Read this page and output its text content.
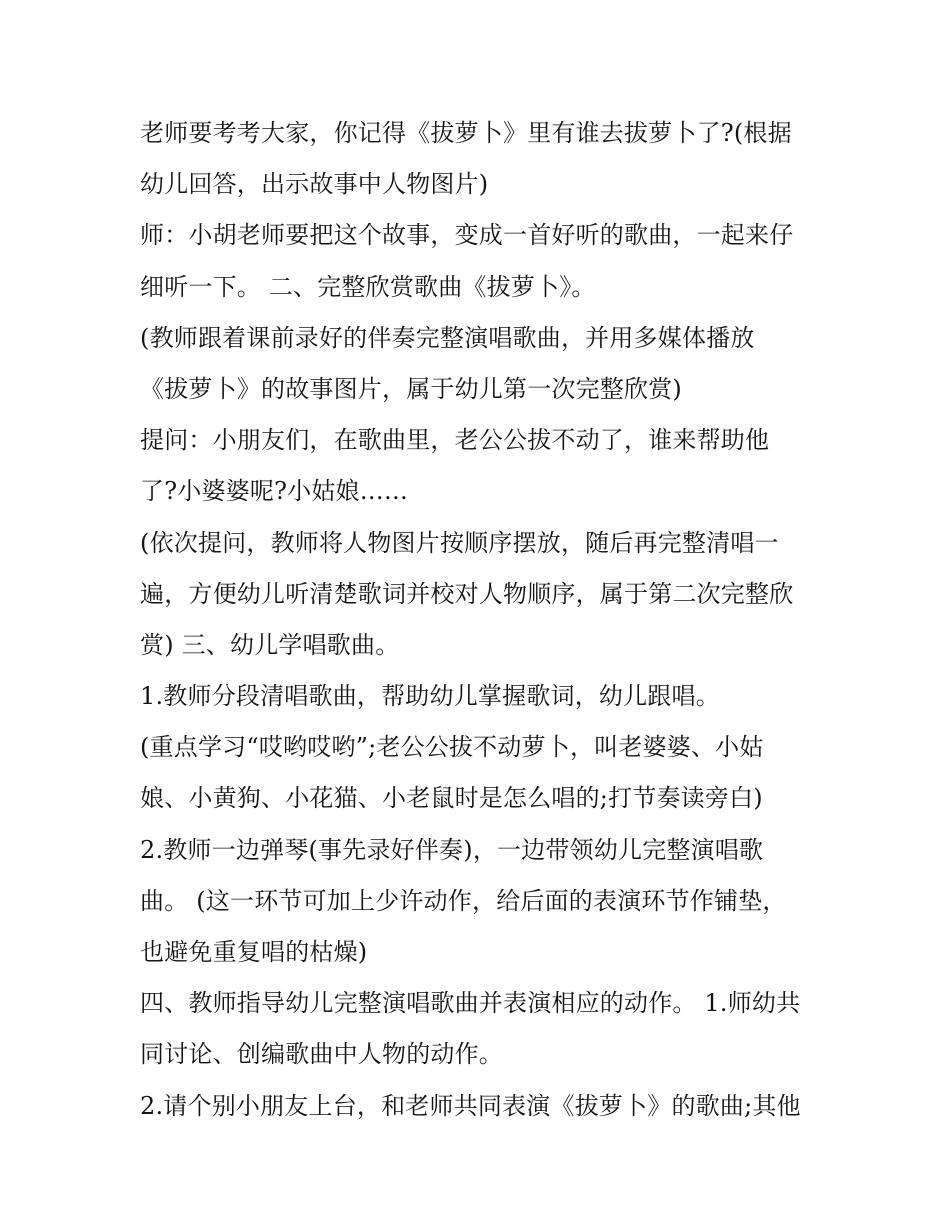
老师要考考大家，你记得《拔萝卜》里有谁去拔萝卜了?(根据
幼儿回答，出示故事中人物图片)
师：小胡老师要把这个故事，变成一首好听的歌曲，一起来仔
细听一下。 二、完整欣赏歌曲《拔萝卜》。
(教师跟着课前录好的伴奏完整演唱歌曲，并用多媒体播放
《拔萝卜》的故事图片，属于幼儿第一次完整欣赏)
提问：小朋友们，在歌曲里，老公公拔不动了，谁来帮助他
了?小婆婆呢?小姑娘……
(依次提问，教师将人物图片按顺序摆放，随后再完整清唱一
遍，方便幼儿听清楚歌词并校对人物顺序，属于第二次完整欣
赏) 三、幼儿学唱歌曲。
1.教师分段清唱歌曲，帮助幼儿掌握歌词，幼儿跟唱。
(重点学习“哎哟哎哟”;老公公拔不动萝卜，叫老婆婆、小姑
娘、小黄狗、小花猫、小老鼠时是怎么唱的;打节奏读旁白)
2.教师一边弹琴(事先录好伴奏)，一边带领幼儿完整演唱歌
曲。 (这一环节可加上少许动作，给后面的表演环节作铺垫，
也避免重复唱的枯燥)
四、教师指导幼儿完整演唱歌曲并表演相应的动作。 1.师幼共
同讨论、创编歌曲中人物的动作。
2.请个别小朋友上台，和老师共同表演《拔萝卜》的歌曲;其他
